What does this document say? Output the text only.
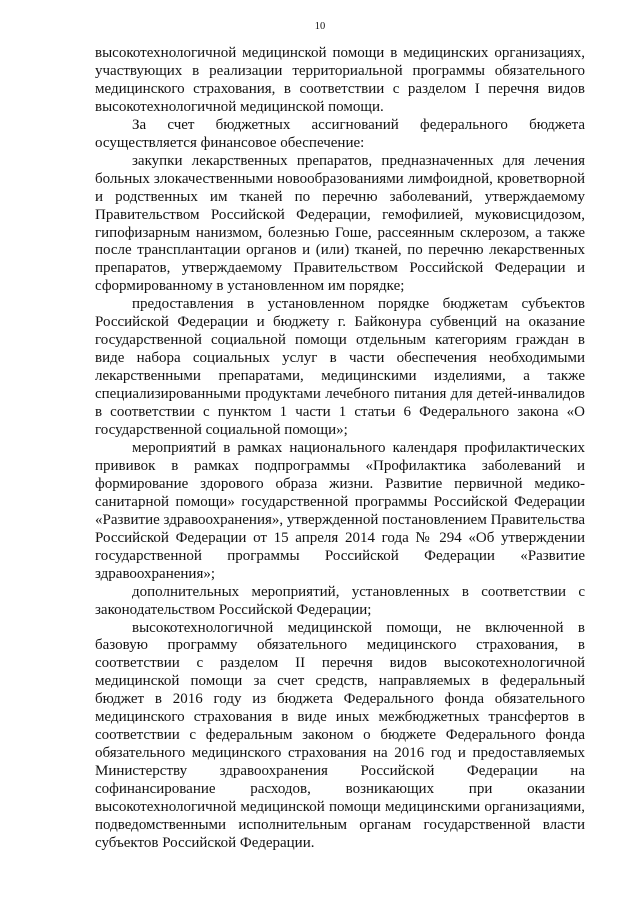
10

высокотехнологичной медицинской помощи в медицинских организациях, участвующих в реализации территориальной программы обязательного медицинского страхования, в соответствии с разделом I перечня видов высокотехнологичной медицинской помощи.

За счет бюджетных ассигнований федерального бюджета осуществляется финансовое обеспечение:

закупки лекарственных препаратов, предназначенных для лечения больных злокачественными новообразованиями лимфоидной, кроветворной и родственных им тканей по перечню заболеваний, утверждаемому Правительством Российской Федерации, гемофилией, муковисцидозом, гипофизарным нанизмом, болезнью Гоше, рассеянным склерозом, а также после трансплантации органов и (или) тканей, по перечню лекарственных препаратов, утверждаемому Правительством Российской Федерации и сформированному в установленном им порядке;

предоставления в установленном порядке бюджетам субъектов Российской Федерации и бюджету г. Байконура субвенций на оказание государственной социальной помощи отдельным категориям граждан в виде набора социальных услуг в части обеспечения необходимыми лекарственными препаратами, медицинскими изделиями, а также специализированными продуктами лечебного питания для детей-инвалидов в соответствии с пунктом 1 части 1 статьи 6 Федерального закона «О государственной социальной помощи»;

мероприятий в рамках национального календаря профилактических прививок в рамках подпрограммы «Профилактика заболеваний и формирование здорового образа жизни. Развитие первичной медико-санитарной помощи» государственной программы Российской Федерации «Развитие здравоохранения», утвержденной постановлением Правительства Российской Федерации от 15 апреля 2014 года № 294 «Об утверждении государственной программы Российской Федерации «Развитие здравоохранения»;

дополнительных мероприятий, установленных в соответствии с законодательством Российской Федерации;

высокотехнологичной медицинской помощи, не включенной в базовую программу обязательного медицинского страхования, в соответствии с разделом II перечня видов высокотехнологичной медицинской помощи за счет средств, направляемых в федеральный бюджет в 2016 году из бюджета Федерального фонда обязательного медицинского страхования в виде иных межбюджетных трансфертов в соответствии с федеральным законом о бюджете Федерального фонда обязательного медицинского страхования на 2016 год и предоставляемых Министерству здравоохранения Российской Федерации на софинансирование расходов, возникающих при оказании высокотехнологичной медицинской помощи медицинскими организациями, подведомственными исполнительным органам государственной власти субъектов Российской Федерации.
